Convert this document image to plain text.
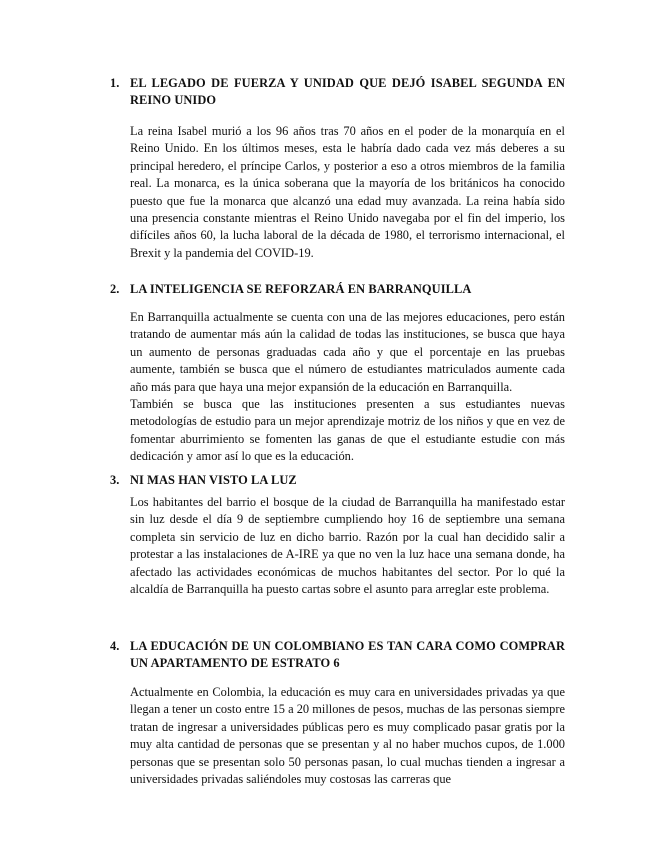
1. EL LEGADO DE FUERZA Y UNIDAD QUE DEJÓ ISABEL SEGUNDA EN REINO UNIDO

La reina Isabel murió a los 96 años tras 70 años en el poder de la monarquía en el Reino Unido. En los últimos meses, esta le habría dado cada vez más deberes a su principal heredero, el príncipe Carlos, y posterior a eso a otros miembros de la familia real. La monarca, es la única soberana que la mayoría de los británicos ha conocido puesto que fue la monarca que alcanzó una edad muy avanzada. La reina había sido una presencia constante mientras el Reino Unido navegaba por el fin del imperio, los difíciles años 60, la lucha laboral de la década de 1980, el terrorismo internacional, el Brexit y la pandemia del COVID-19.

2. LA INTELIGENCIA SE REFORZARÁ EN BARRANQUILLA

En Barranquilla actualmente se cuenta con una de las mejores educaciones, pero están tratando de aumentar más aún la calidad de todas las instituciones, se busca que haya un aumento de personas graduadas cada año y que el porcentaje en las pruebas aumente, también se busca que el número de estudiantes matriculados aumente cada año más para que haya una mejor expansión de la educación en Barranquilla.

También se busca que las instituciones presenten a sus estudiantes nuevas metodologías de estudio para un mejor aprendizaje motriz de los niños y que en vez de fomentar aburrimiento se fomenten las ganas de que el estudiante estudie con más dedicación y amor así lo que es la educación.

3. NI MAS HAN VISTO LA LUZ

Los habitantes del barrio el bosque de la ciudad de Barranquilla ha manifestado estar sin luz desde el día 9 de septiembre cumpliendo hoy 16 de septiembre una semana completa sin servicio de luz en dicho barrio. Razón por la cual han decidido salir a protestar a las instalaciones de A-IRE ya que no ven la luz hace una semana donde, ha afectado las actividades económicas de muchos habitantes del sector. Por lo qué la alcaldía de Barranquilla ha puesto cartas sobre el asunto para arreglar este problema.

4. LA EDUCACIÓN DE UN COLOMBIANO ES TAN CARA COMO COMPRAR UN APARTAMENTO DE ESTRATO 6

Actualmente en Colombia, la educación es muy cara en universidades privadas ya que llegan a tener un costo entre 15 a 20 millones de pesos, muchas de las personas siempre tratan de ingresar a universidades públicas pero es muy complicado pasar gratis por la muy alta cantidad de personas que se presentan y al no haber muchos cupos, de 1.000 personas que se presentan solo 50 personas pasan, lo cual muchas tienden a ingresar a universidades privadas saliéndoles muy costosas las carreras que
